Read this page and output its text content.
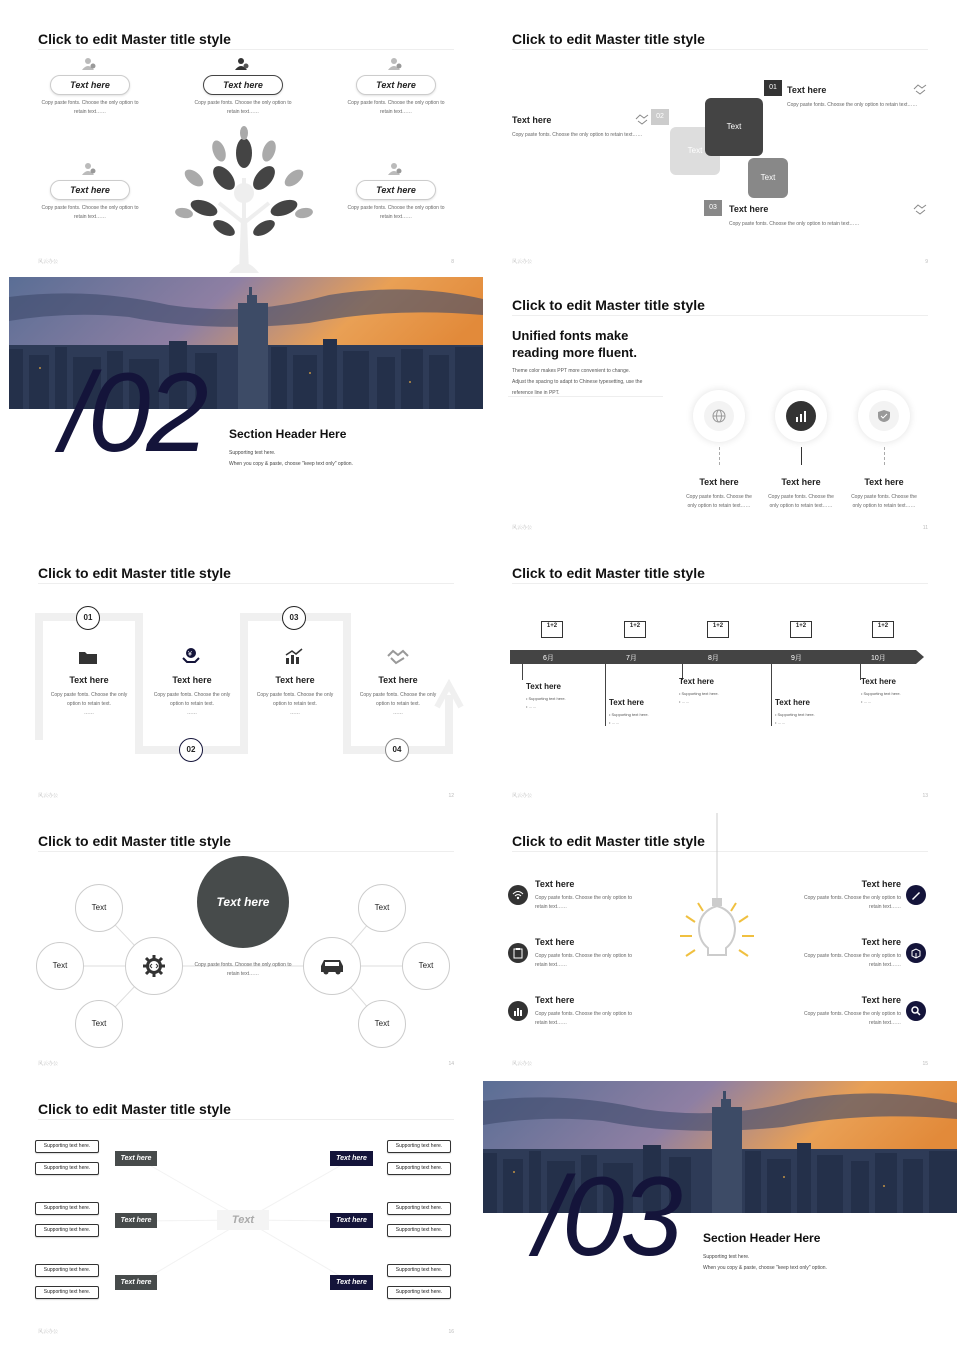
Click to edit Master title style
Text here	Text here	Text here
Copy paste fonts. Choose the only option to retain text……
Copy paste fonts. Choose the only option to retain text……
Copy paste fonts. Choose the only option to retain text……
Text here	Text here
Copy paste fonts. Choose the only option to retain text……
Copy paste fonts. Choose the only option to retain text……
风云办公	8
Click to edit Master title style
Text here
Copy paste fonts. Choose the only option to retain text……
02
Text
Text
Text
01	Text here
Copy paste fonts. Choose the only option to retain text……
03	Text here
Copy paste fonts. Choose the only option to retain text……
风云办公	9
/02 Section Header Here
Supporting text here.
When you copy & paste, choose "keep text only" option.
Click to edit Master title style
Unified fonts make
reading more fluent.
Theme color makes PPT more convenient to change.
Adjust the spacing to adapt to Chinese typesetting, use the
reference line in PPT.
Text here	Text here	Text here
Copy paste fonts. Choose the only option to retain text……
Copy paste fonts. Choose the only option to retain text……
Copy paste fonts. Choose the only option to retain text……
风云办公	11
Click to edit Master title style
01
02
03
04
¥
Text here	Text here	Text here	Text here
Copy paste fonts. Choose the only option to retain text.
Copy paste fonts. Choose the only option to retain text.
Copy paste fonts. Choose the only option to retain text.
Copy paste fonts. Choose the only option to retain text.
……	……	……	……
风云办公	12
Click to edit Master title style
1+2	1+2	1+2	1+2	1+2
6月	7月	8月	9月	10月
Text here
Text here
Text here
Text here
Text here
• Supporting text here.
• ……
• Supporting text here.
• ……
• Supporting text here.
• ……
• Supporting text here.
• ……
• Supporting text here.
• ……
风云办公	13
Click to edit Master title style
Text
Text
Text
Text
Text
Text
Text here
Copy paste fonts. Choose the only option to retain text……
风云办公	14
Click to edit Master title style
Text here
Copy paste fonts. Choose the only option to retain text……
Text here
Copy paste fonts. Choose the only option to retain text……
Text here
Copy paste fonts. Choose the only option to retain text……
Text here
Copy paste fonts. Choose the only option to retain text……
Text here
Copy paste fonts. Choose the only option to retain text……
Text here
Copy paste fonts. Choose the only option to retain text……
风云办公	15
Click to edit Master title style
Text
Text here
Text here
Text here
Text here
Text here
Text here
Supporting text here.
Supporting text here.
Supporting text here.
Supporting text here.
Supporting text here.
Supporting text here.
Supporting text here.
Supporting text here.
Supporting text here.
Supporting text here.
Supporting text here.
Supporting text here.
风云办公	16
/03 Section Header Here
Supporting text here.
When you copy & paste, choose "keep text only" option.
